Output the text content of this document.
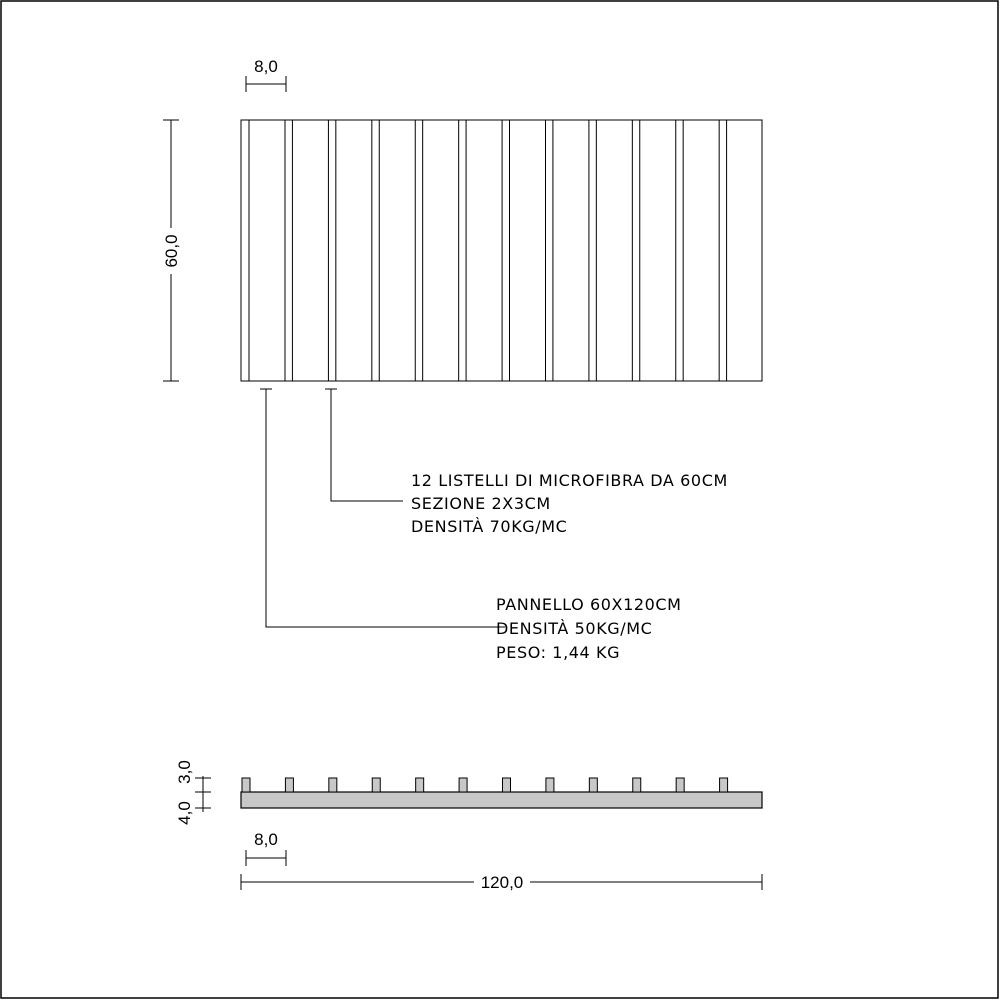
8,0
60,0
12 LISTELLI DI MICROFIBRA DA 60CM
SEZIONE 2X3CM
DENSITÀ 70KG/MC
PANNELLO 60X120CM
DENSITÀ 50KG/MC
PESO: 1,44 KG
3,0
4,0
8,0
120,0
